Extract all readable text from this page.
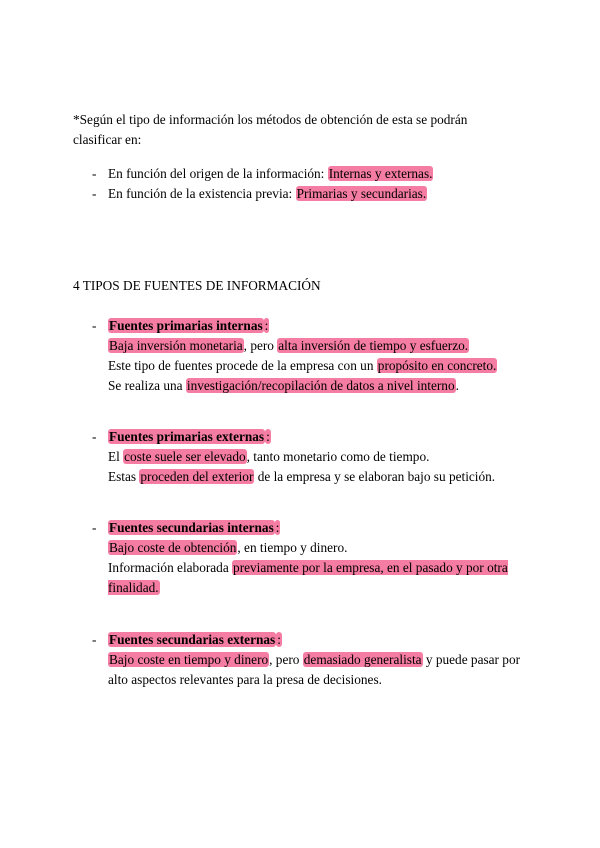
*Según el tipo de información los métodos de obtención de esta se podrán
clasificar en:
- En función del origen de la información: Internas y externas.
- En función de la existencia previa: Primarias y secundarias.
4 TIPOS DE FUENTES DE INFORMACIÓN
- Fuentes primarias internas :
Baja inversión monetaria, pero alta inversión de tiempo y esfuerzo.
Este tipo de fuentes procede de la empresa con un propósito en concreto.
Se realiza una investigación/recopilación de datos a nivel interno.
- Fuentes primarias externas :
El coste suele ser elevado, tanto monetario como de tiempo.
Estas proceden del exterior de la empresa y se elaboran bajo su petición.
- Fuentes secundarias internas :
Bajo coste de obtención, en tiempo y dinero.
Información elaborada previamente por la empresa, en el pasado y por otra finalidad.
- Fuentes secundarias externas :
Bajo coste en tiempo y dinero, pero demasiado generalista y puede pasar por alto aspectos relevantes para la presa de decisiones.
